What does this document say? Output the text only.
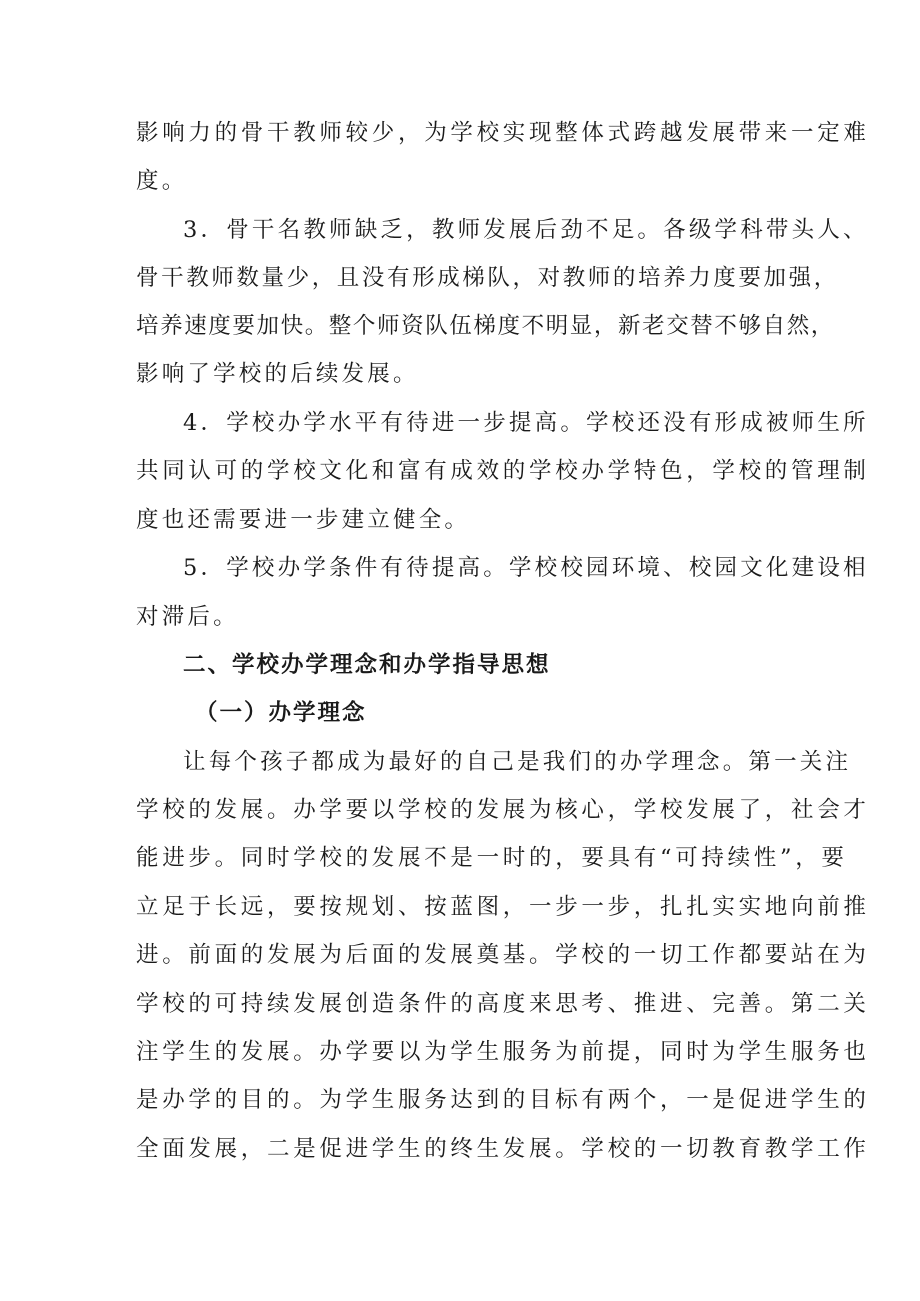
影响力的骨干教师较少，为学校实现整体式跨越发展带来一定难
度。
3．骨干名教师缺乏，教师发展后劲不足。各级学科带头人、
骨干教师数量少，且没有形成梯队，对教师的培养力度要加强，
培养速度要加快。整个师资队伍梯度不明显，新老交替不够自然，
影响了学校的后续发展。
4．学校办学水平有待进一步提高。学校还没有形成被师生所
共同认可的学校文化和富有成效的学校办学特色，学校的管理制
度也还需要进一步建立健全。
5．学校办学条件有待提高。学校校园环境、校园文化建设相
对滞后。
二、学校办学理念和办学指导思想
（一）办学理念
让每个孩子都成为最好的自己是我们的办学理念。第一关注
学校的发展。办学要以学校的发展为核心，学校发展了，社会才
能进步。同时学校的发展不是一时的，要具有“可持续性”，要
立足于长远，要按规划、按蓝图，一步一步，扎扎实实地向前推
进。前面的发展为后面的发展奠基。学校的一切工作都要站在为
学校的可持续发展创造条件的高度来思考、推进、完善。第二关
注学生的发展。办学要以为学生服务为前提，同时为学生服务也
是办学的目的。为学生服务达到的目标有两个，一是促进学生的
全面发展，二是促进学生的终生发展。学校的一切教育教学工作
